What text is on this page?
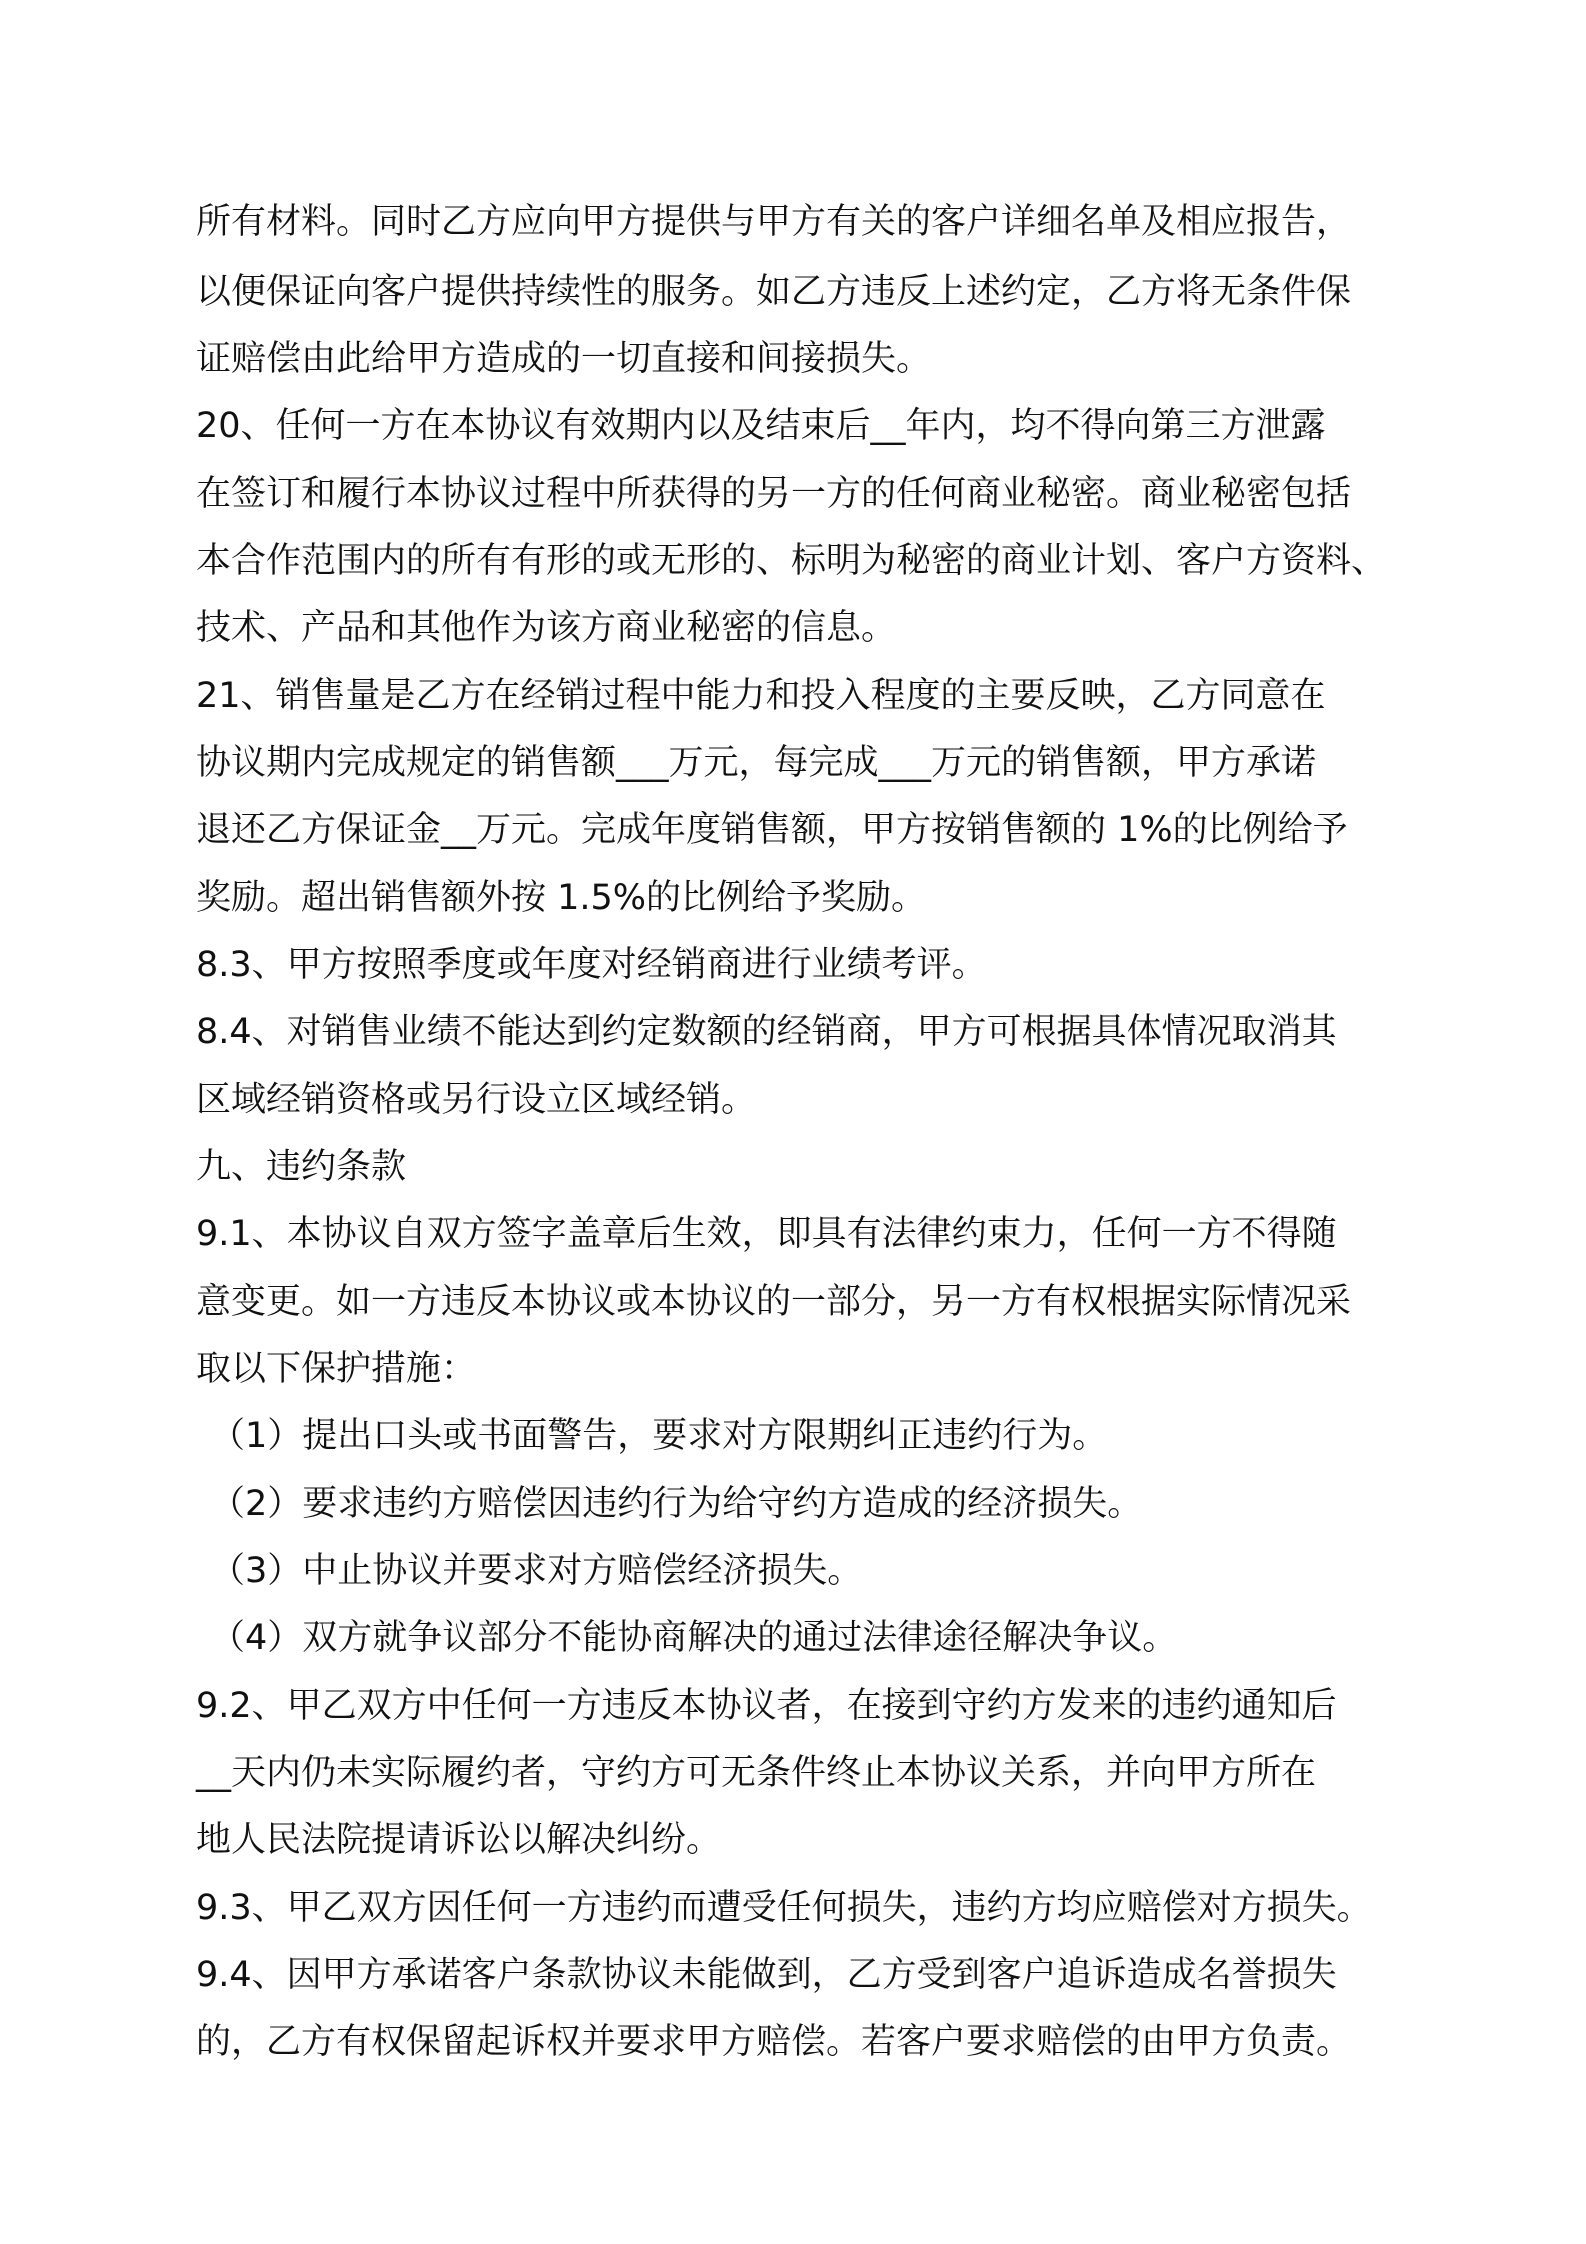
所有材料。同时乙方应向甲方提供与甲方有关的客户详细名单及相应报告，
以便保证向客户提供持续性的服务。如乙方违反上述约定，乙方将无条件保
证赔偿由此给甲方造成的一切直接和间接损失。
20、任何一方在本协议有效期内以及结束后__年内，均不得向第三方泄露
在签订和履行本协议过程中所获得的另一方的任何商业秘密。商业秘密包括
本合作范围内的所有有形的或无形的、标明为秘密的商业计划、客户方资料、
技术、产品和其他作为该方商业秘密的信息。
21、销售量是乙方在经销过程中能力和投入程度的主要反映，乙方同意在
协议期内完成规定的销售额___万元，每完成___万元的销售额，甲方承诺
退还乙方保证金__万元。完成年度销售额，甲方按销售额的 1%的比例给予
奖励。超出销售额外按 1.5%的比例给予奖励。
8.3、甲方按照季度或年度对经销商进行业绩考评。
8.4、对销售业绩不能达到约定数额的经销商，甲方可根据具体情况取消其
区域经销资格或另行设立区域经销。
九、违约条款
9.1、本协议自双方签字盖章后生效，即具有法律约束力，任何一方不得随
意变更。如一方违反本协议或本协议的一部分，另一方有权根据实际情况采
取以下保护措施：
（1）提出口头或书面警告，要求对方限期纠正违约行为。
（2）要求违约方赔偿因违约行为给守约方造成的经济损失。
（3）中止协议并要求对方赔偿经济损失。
（4）双方就争议部分不能协商解决的通过法律途径解决争议。
9.2、甲乙双方中任何一方违反本协议者，在接到守约方发来的违约通知后
__天内仍未实际履约者，守约方可无条件终止本协议关系，并向甲方所在
地人民法院提请诉讼以解决纠纷。
9.3、甲乙双方因任何一方违约而遭受任何损失，违约方均应赔偿对方损失。
9.4、因甲方承诺客户条款协议未能做到，乙方受到客户追诉造成名誉损失
的，乙方有权保留起诉权并要求甲方赔偿。若客户要求赔偿的由甲方负责。
